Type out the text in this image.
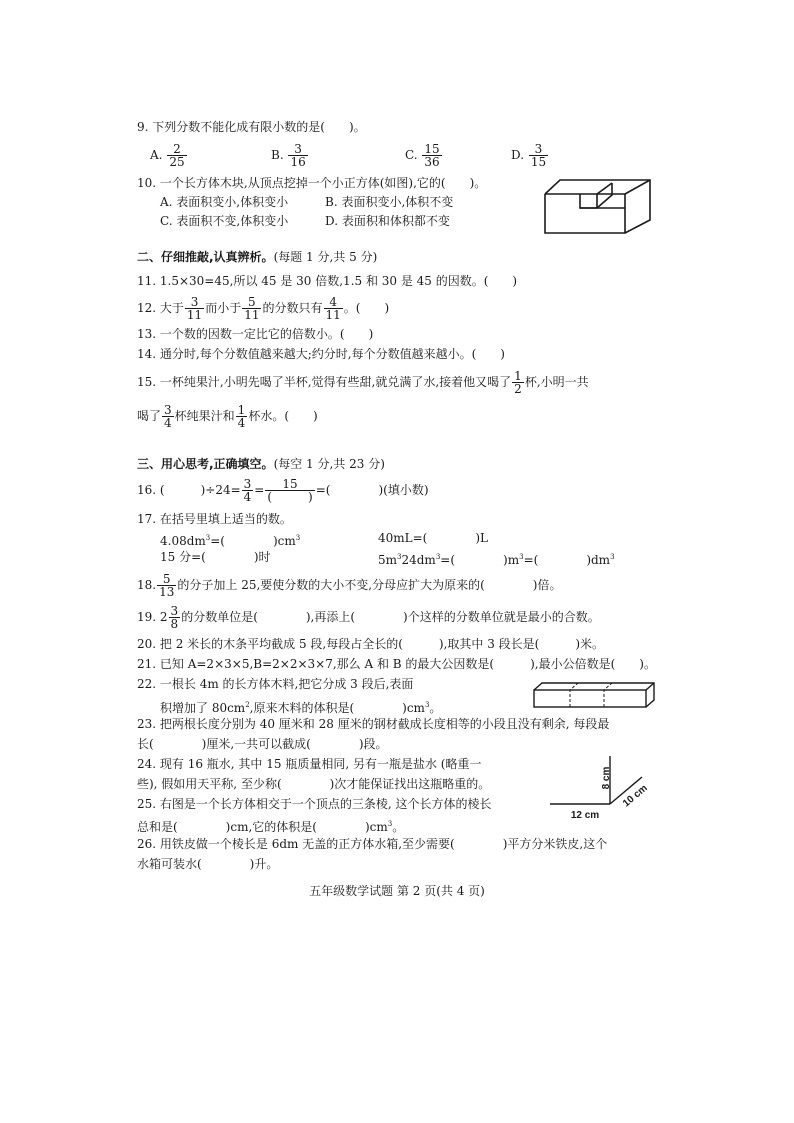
9. 下列分数不能化成有限小数的是(　　)。
A. $\frac{2}{25}$	B. $\frac{3}{16}$	C. $\frac{15}{36}$	D. $\frac{3}{15}$
10. 一个长方体木块,从顶点挖掉一个小正方体(如图),它的(　　)。
A. 表面积变小,体积变小	B. 表面积变小,体积不变
C. 表面积不变,体积变小	D. 表面积和体积都不变
二、仔细推敲,认真辨析。(每题 1 分,共 5 分)
11. 1.5×30=45,所以 45 是 30 倍数,1.5 和 30 是 45 的因数。(　　)
12. 大于 $\frac{3}{11}$ 而小于 $\frac{5}{11}$ 的分数只有 $\frac{4}{11}$ 。(　　)
13. 一个数的因数一定比它的倍数小。(　　)
14. 通分时,每个分数值越来越大;约分时,每个分数值越来越小。(　　)
15. 一杯纯果汁,小明先喝了半杯,觉得有些甜,就兑满了水,接着他又喝了 $\frac{1}{2}$ 杯,小明一共
喝了 $\frac{3}{4}$ 杯纯果汁和 $\frac{1}{4}$ 杯水。(　　)
三、用心思考,正确填空。(每空 1 分,共 23 分)
16. (　　　)$\div 24= \frac{3}{4} = \frac{15}{( )}$ =(　　　　)(填小数)
17. 在括号里填上适当的数。
$4.08dm^3=$(　　　　)$cm^3$	40mL=(　　　　)L
15 分=(　　　　)时	$5m^324dm^3=$(　　　　)$m^3=$(　　　　)$dm^3$
18. $\frac{5}{13}$ 的分子加上 25,要使分数的大小不变,分母应扩大为原来的(　　　　)倍。
19. $2 \frac{3}{8}$ 的分数单位是(　　　　),再添上(　　　　)个这样的分数单位就是最小的合数。
20. 把 2 米长的木条平均截成 5 段,每段占全长的(　　　),取其中 3 段长是(　　　)米。
21. 已知 A=2×3×5,B=2×2×3×7,那么 A 和 B 的最大公因数是(　　　),最小公倍数是(　　)。
22. 一根长 4m 的长方体木料,把它分成 3 段后,表面
积增加了 $80cm^2$,原来木料的体积是(　　　　)$cm^3$。
23. 把两根长度分别为 40 厘米和 28 厘米的钢材截成长度相等的小段且没有剩余, 每段最
长(　　　　)厘米,一共可以截成(　　　　)段。
24. 现有 16 瓶水, 其中 15 瓶质量相同, 另有一瓶是盐水 (略重一
些), 假如用天平称, 至少称(　　　　)次才能保证找出这瓶略重的。
25. 右图是一个长方体相交于一个顶点的三条棱, 这个长方体的棱长
总和是(　　　　)cm,它的体积是(　　　　)$cm^3$。
8 cm
12 cm
10 cm
26. 用铁皮做一个棱长是 6dm 无盖的正方体水箱,至少需要(　　　　)平方分米铁皮,这个
水箱可装水(　　　　)升。
五年级数学试题 第 2 页(共 4 页)
